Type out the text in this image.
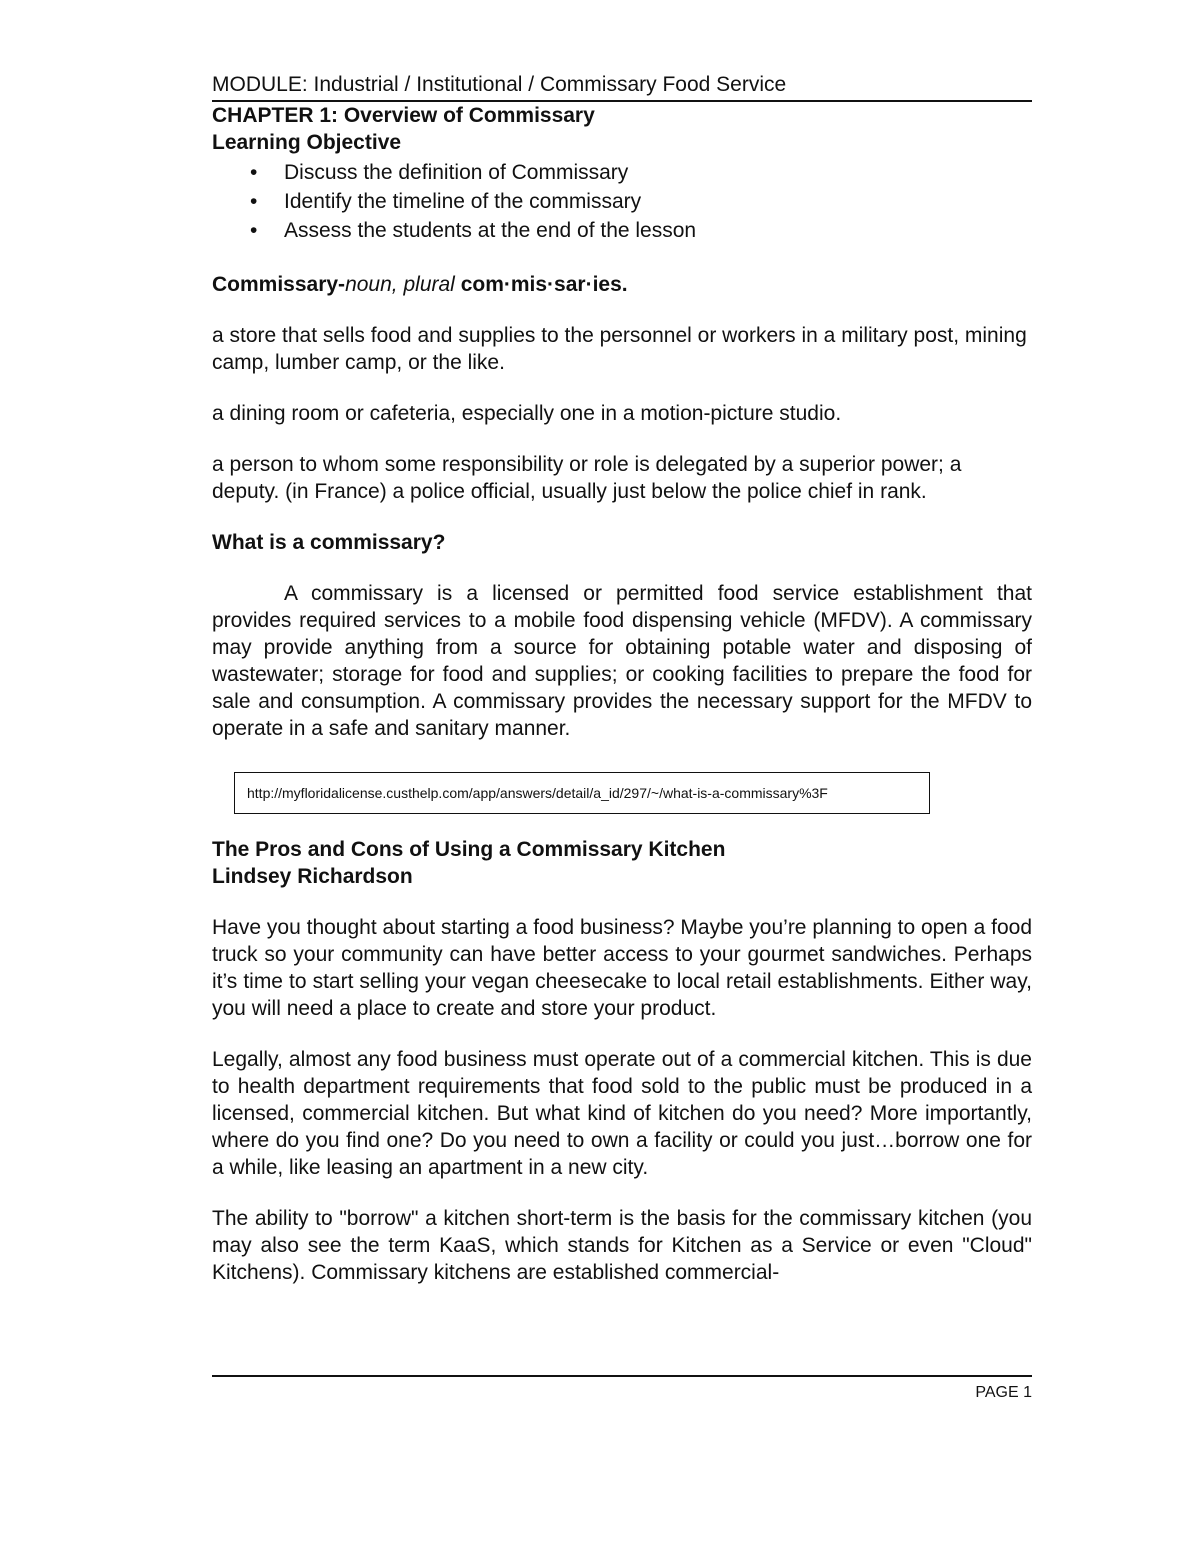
MODULE: Industrial / Institutional / Commissary Food Service
CHAPTER 1: Overview of Commissary
Learning Objective
• Discuss the definition of Commissary
• Identify the timeline of the commissary
• Assess the students at the end of the lesson

Commissary-noun, plural com·mis·sar·ies.

a store that sells food and supplies to the personnel or workers in a military post, mining camp, lumber camp, or the like.

a dining room or cafeteria, especially one in a motion-picture studio.

a person to whom some responsibility or role is delegated by a superior power; a deputy. (in France) a police official, usually just below the police chief in rank.

What is a commissary?

A commissary is a licensed or permitted food service establishment that provides required services to a mobile food dispensing vehicle (MFDV). A commissary may provide anything from a source for obtaining potable water and disposing of wastewater; storage for food and supplies; or cooking facilities to prepare the food for sale and consumption. A commissary provides the necessary support for the MFDV to operate in a safe and sanitary manner.

http://myfloridalicense.custhelp.com/app/answers/detail/a_id/297/~/what-is-a-commissary%3F

The Pros and Cons of Using a Commissary Kitchen

Lindsey Richardson

Have you thought about starting a food business? Maybe you’re planning to open a food truck so your community can have better access to your gourmet sandwiches. Perhaps it’s time to start selling your vegan cheesecake to local retail establishments. Either way, you will need a place to create and store your product.

Legally, almost any food business must operate out of a commercial kitchen. This is due to health department requirements that food sold to the public must be produced in a licensed, commercial kitchen. But what kind of kitchen do you need? More importantly, where do you find one? Do you need to own a facility or could you just…borrow one for a while, like leasing an apartment in a new city.

The ability to "borrow" a kitchen short-term is the basis for the commissary kitchen (you may also see the term KaaS, which stands for Kitchen as a Service or even "Cloud" Kitchens). Commissary kitchens are established commercial-

PAGE 1
